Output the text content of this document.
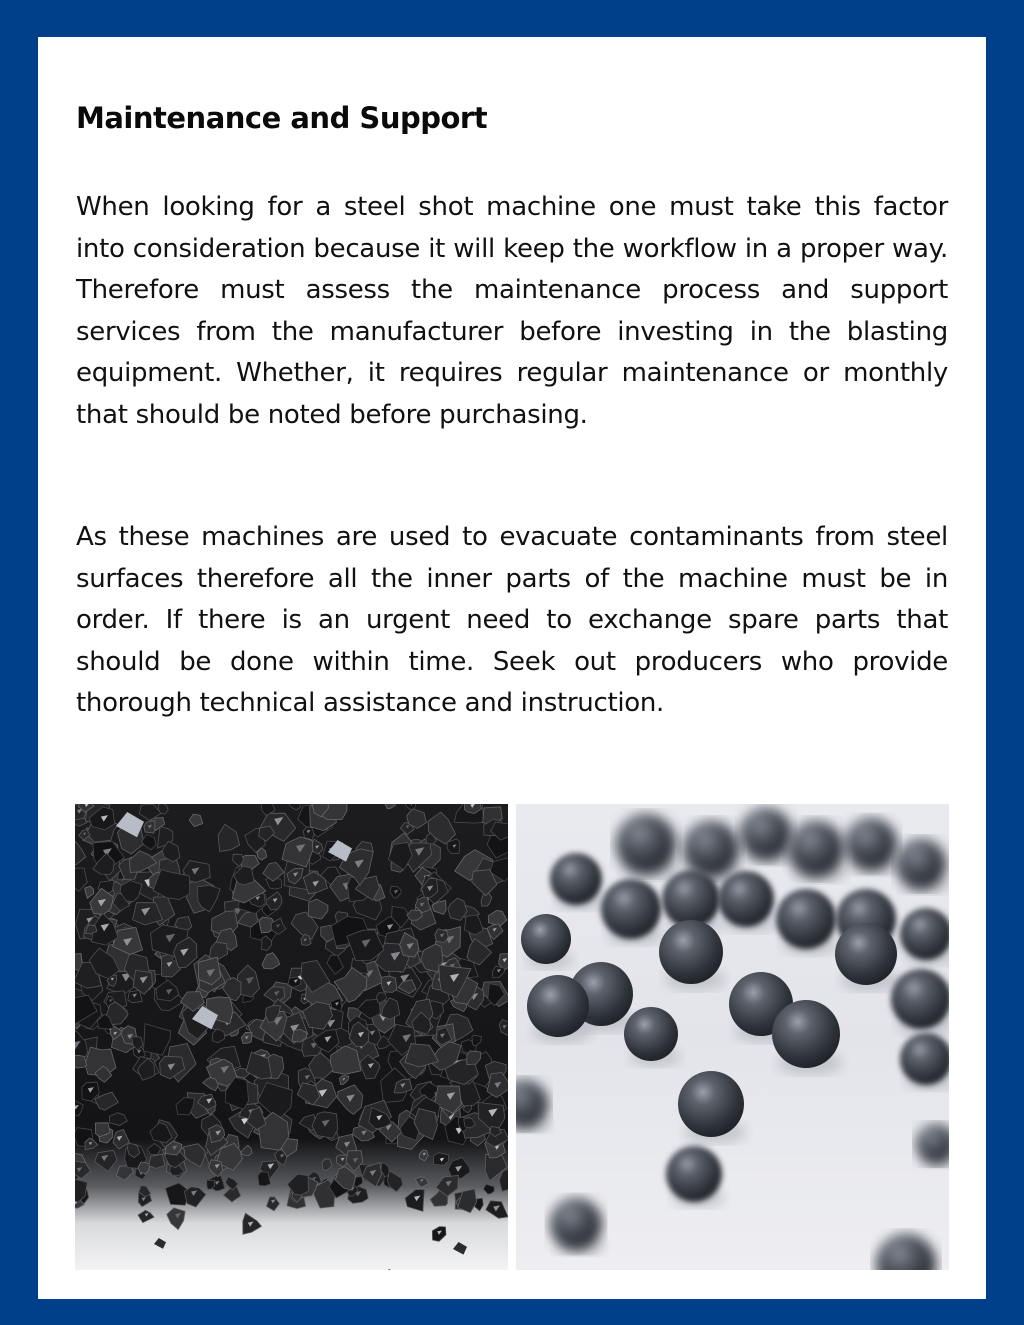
Maintenance and Support

When looking for a steel shot machine one must take this factor into consideration because it will keep the workflow in a proper way. Therefore must assess the maintenance process and support services from the manufacturer before investing in the blasting equipment. Whether, it requires regular maintenance or monthly that should be noted before purchasing.

As these machines are used to evacuate contaminants from steel surfaces therefore all the inner parts of the machine must be in order. If there is an urgent need to exchange spare parts that should be done within time. Seek out producers who provide thorough technical assistance and instruction.
